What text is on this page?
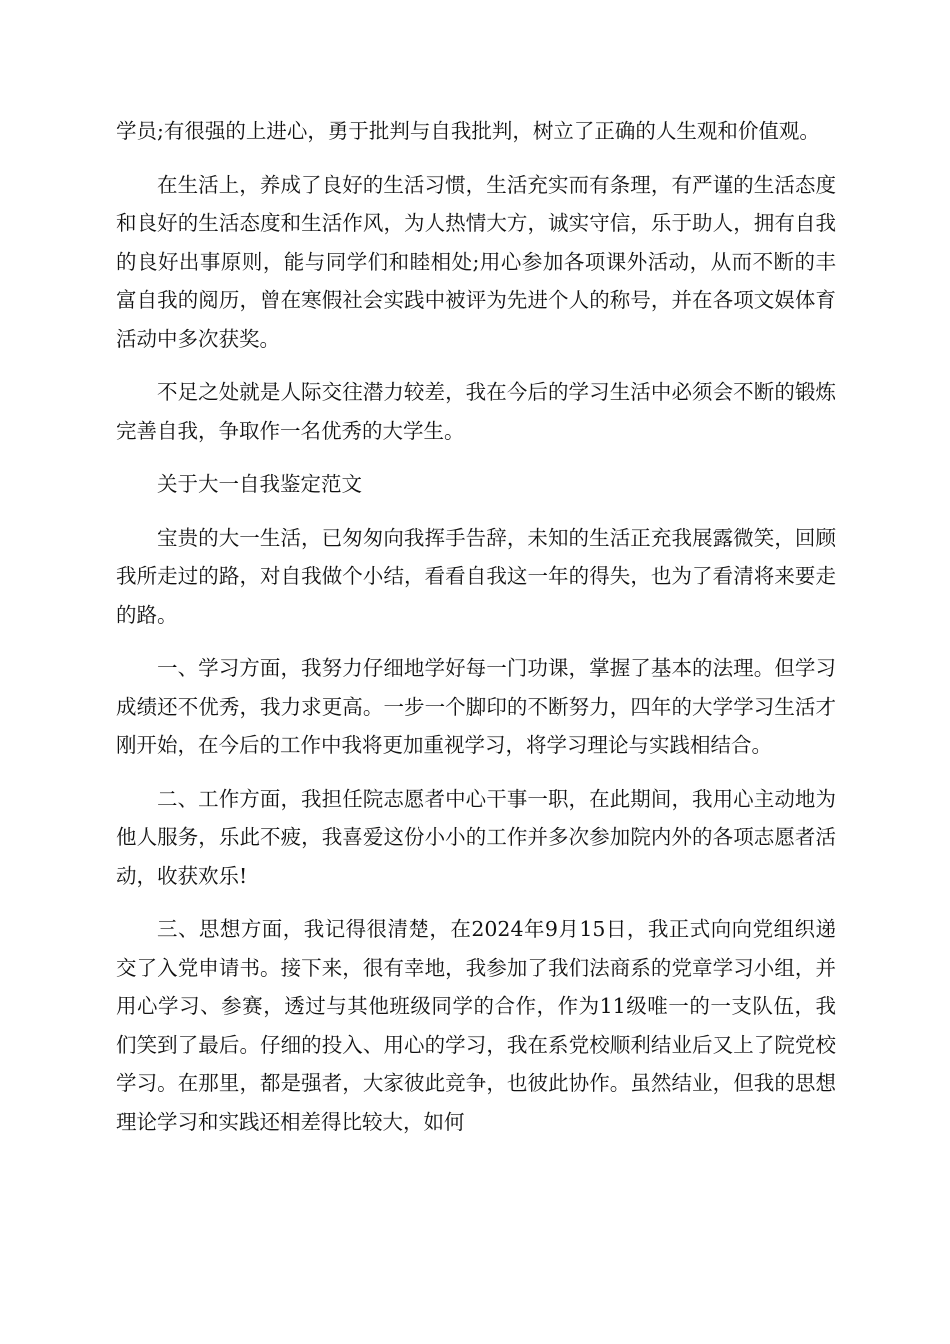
学员;有很强的上进心，勇于批判与自我批判，树立了正确的人生观和价值观。

在生活上，养成了良好的生活习惯，生活充实而有条理，有严谨的生活态度和良好的生活态度和生活作风，为人热情大方，诚实守信，乐于助人，拥有自我的良好出事原则，能与同学们和睦相处;用心参加各项课外活动，从而不断的丰富自我的阅历，曾在寒假社会实践中被评为先进个人的称号，并在各项文娱体育活动中多次获奖。

不足之处就是人际交往潜力较差，我在今后的学习生活中必须会不断的锻炼完善自我，争取作一名优秀的大学生。

关于大一自我鉴定范文

宝贵的大一生活，已匆匆向我挥手告辞，未知的生活正充我展露微笑，回顾我所走过的路，对自我做个小结，看看自我这一年的得失，也为了看清将来要走的路。

一、学习方面，我努力仔细地学好每一门功课，掌握了基本的法理。但学习成绩还不优秀，我力求更高。一步一个脚印的不断努力，四年的大学学习生活才刚开始，在今后的工作中我将更加重视学习，将学习理论与实践相结合。

二、工作方面，我担任院志愿者中心干事一职，在此期间，我用心主动地为他人服务，乐此不疲，我喜爱这份小小的工作并多次参加院内外的各项志愿者活动，收获欢乐!

三、思想方面，我记得很清楚，在2024年9月15日，我正式向向党组织递交了入党申请书。接下来，很有幸地，我参加了我们法商系的党章学习小组，并用心学习、参赛，透过与其他班级同学的合作，作为11级唯一的一支队伍，我们笑到了最后。仔细的投入、用心的学习，我在系党校顺利结业后又上了院党校学习。在那里，都是强者，大家彼此竞争，也彼此协作。虽然结业，但我的思想理论学习和实践还相差得比较大，如何
